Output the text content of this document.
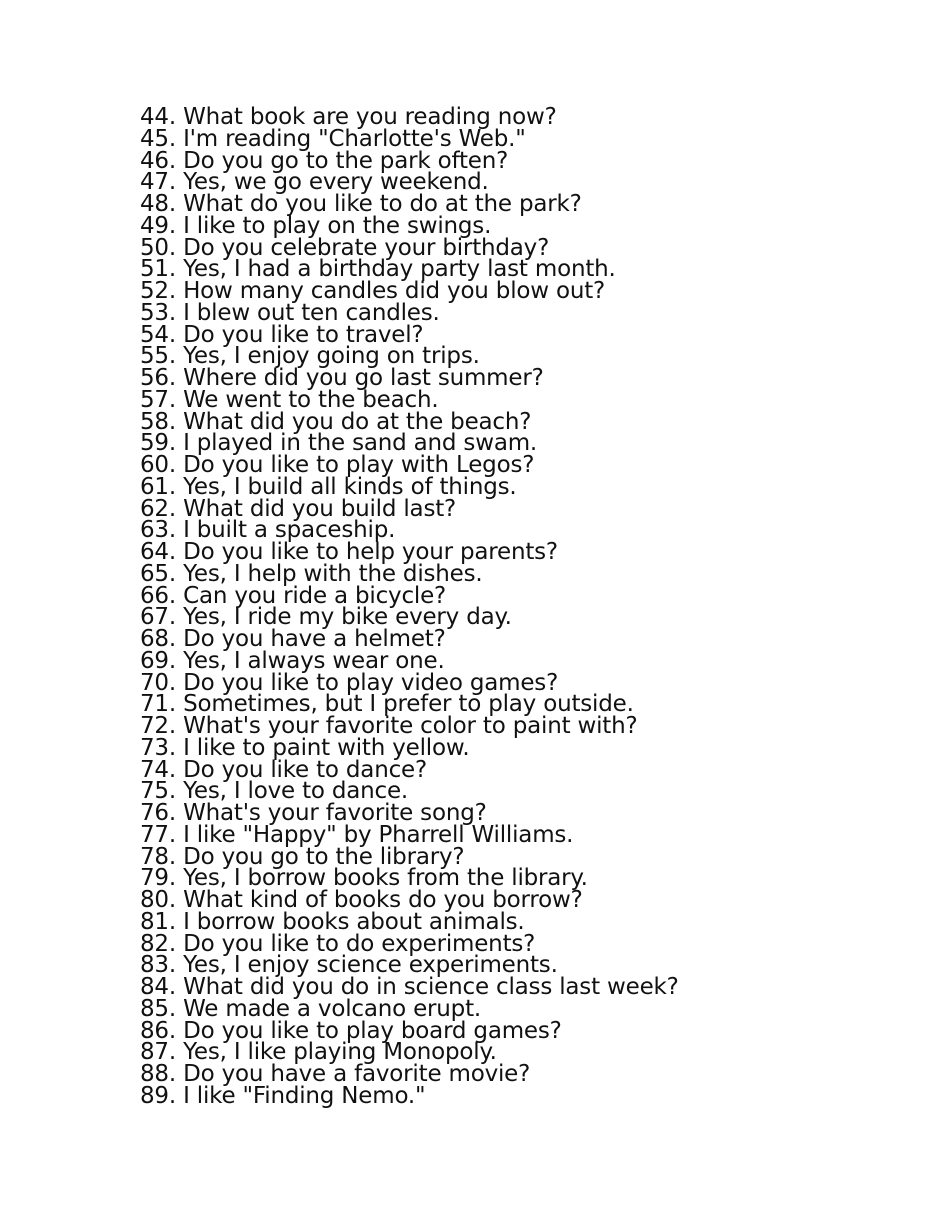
44. What book are you reading now?
45. I'm reading "Charlotte's Web."
46. Do you go to the park often?
47. Yes, we go every weekend.
48. What do you like to do at the park?
49. I like to play on the swings.
50. Do you celebrate your birthday?
51. Yes, I had a birthday party last month.
52. How many candles did you blow out?
53. I blew out ten candles.
54. Do you like to travel?
55. Yes, I enjoy going on trips.
56. Where did you go last summer?
57. We went to the beach.
58. What did you do at the beach?
59. I played in the sand and swam.
60. Do you like to play with Legos?
61. Yes, I build all kinds of things.
62. What did you build last?
63. I built a spaceship.
64. Do you like to help your parents?
65. Yes, I help with the dishes.
66. Can you ride a bicycle?
67. Yes, I ride my bike every day.
68. Do you have a helmet?
69. Yes, I always wear one.
70. Do you like to play video games?
71. Sometimes, but I prefer to play outside.
72. What's your favorite color to paint with?
73. I like to paint with yellow.
74. Do you like to dance?
75. Yes, I love to dance.
76. What's your favorite song?
77. I like "Happy" by Pharrell Williams.
78. Do you go to the library?
79. Yes, I borrow books from the library.
80. What kind of books do you borrow?
81. I borrow books about animals.
82. Do you like to do experiments?
83. Yes, I enjoy science experiments.
84. What did you do in science class last week?
85. We made a volcano erupt.
86. Do you like to play board games?
87. Yes, I like playing Monopoly.
88. Do you have a favorite movie?
89. I like "Finding Nemo."
